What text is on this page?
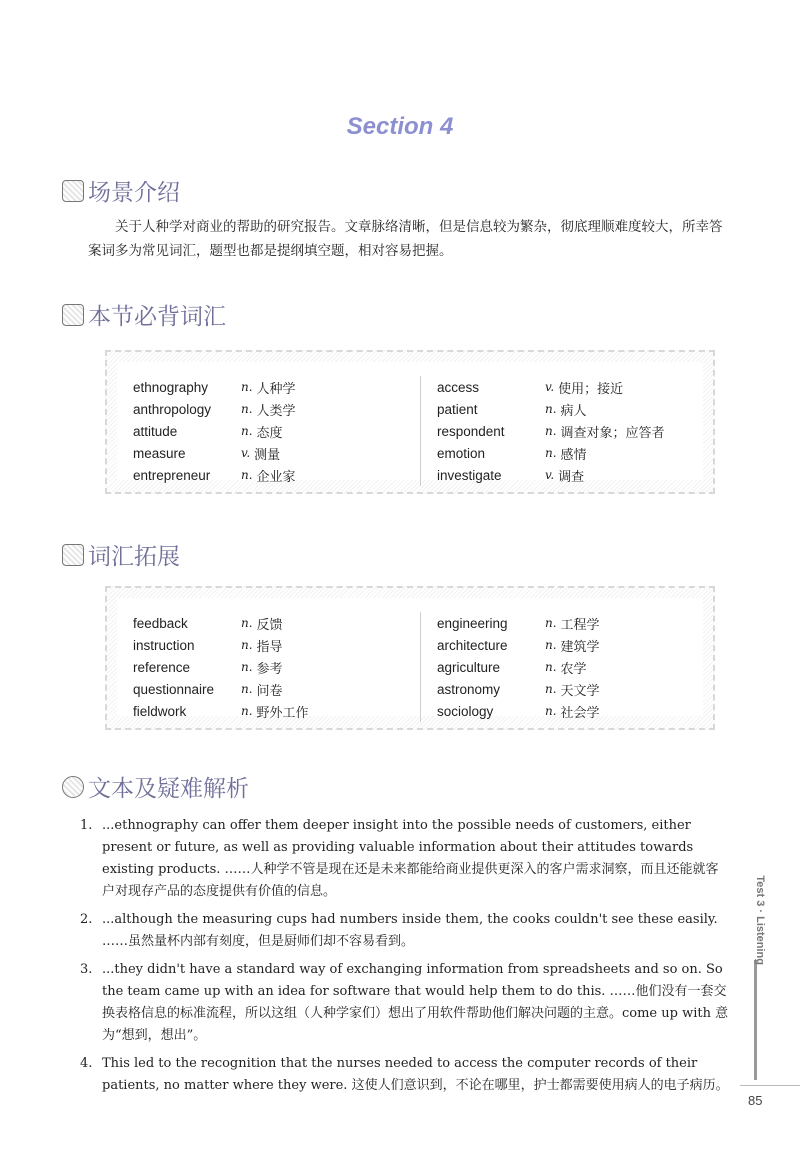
Section 4
场景介绍
关于人种学对商业的帮助的研究报告。文章脉络清晰，但是信息较为繁杂，彻底理顺难度较大，所幸答案词多为常见词汇，题型也都是提纲填空题，相对容易把握。
本节必背词汇
ethnography	n. 人种学
anthropology	n. 人类学
attitude	n. 态度
measure	v. 测量
entrepreneur	n. 企业家
access	v. 使用；接近
patient	n. 病人
respondent	n. 调查对象；应答者
emotion	n. 感情
investigate	v. 调查
词汇拓展
feedback	n. 反馈
instruction	n. 指导
reference	n. 参考
questionnaire	n. 问卷
fieldwork	n. 野外工作
engineering	n. 工程学
architecture	n. 建筑学
agriculture	n. 农学
astronomy	n. 天文学
sociology	n. 社会学
文本及疑难解析
1. ...ethnography can offer them deeper insight into the possible needs of customers, either present or future, as well as providing valuable information about their attitudes towards existing products. ……人种学不管是现在还是未来都能给商业提供更深入的客户需求洞察，而且还能就客户对现存产品的态度提供有价值的信息。
2. ...although the measuring cups had numbers inside them, the cooks couldn't see these easily. ……虽然量杯内部有刻度，但是厨师们却不容易看到。
3. ...they didn't have a standard way of exchanging information from spreadsheets and so on. So the team came up with an idea for software that would help them to do this. ……他们没有一套交换表格信息的标准流程，所以这组（人种学家们）想出了用软件帮助他们解决问题的主意。come up with 意为“想到，想出”。
4. This led to the recognition that the nurses needed to access the computer records of their patients, no matter where they were. 这使人们意识到，不论在哪里，护士都需要使用病人的电子病历。
Test 3 · Listening
85
